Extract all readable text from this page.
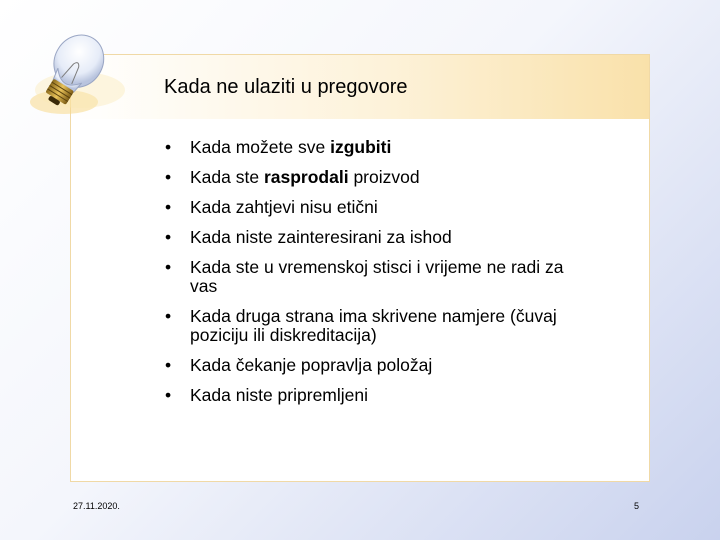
Kada ne ulaziti u pregovore
• Kada možete sve izgubiti
• Kada ste rasprodali proizvod
• Kada zahtjevi nisu etični
• Kada niste zainteresirani za ishod
• Kada ste u vremenskoj stisci i vrijeme ne radi za vas
• Kada druga strana ima skrivene namjere (čuvaj poziciju ili diskreditacija)
• Kada čekanje popravlja položaj
• Kada niste pripremljeni
27.11.2020.	5
